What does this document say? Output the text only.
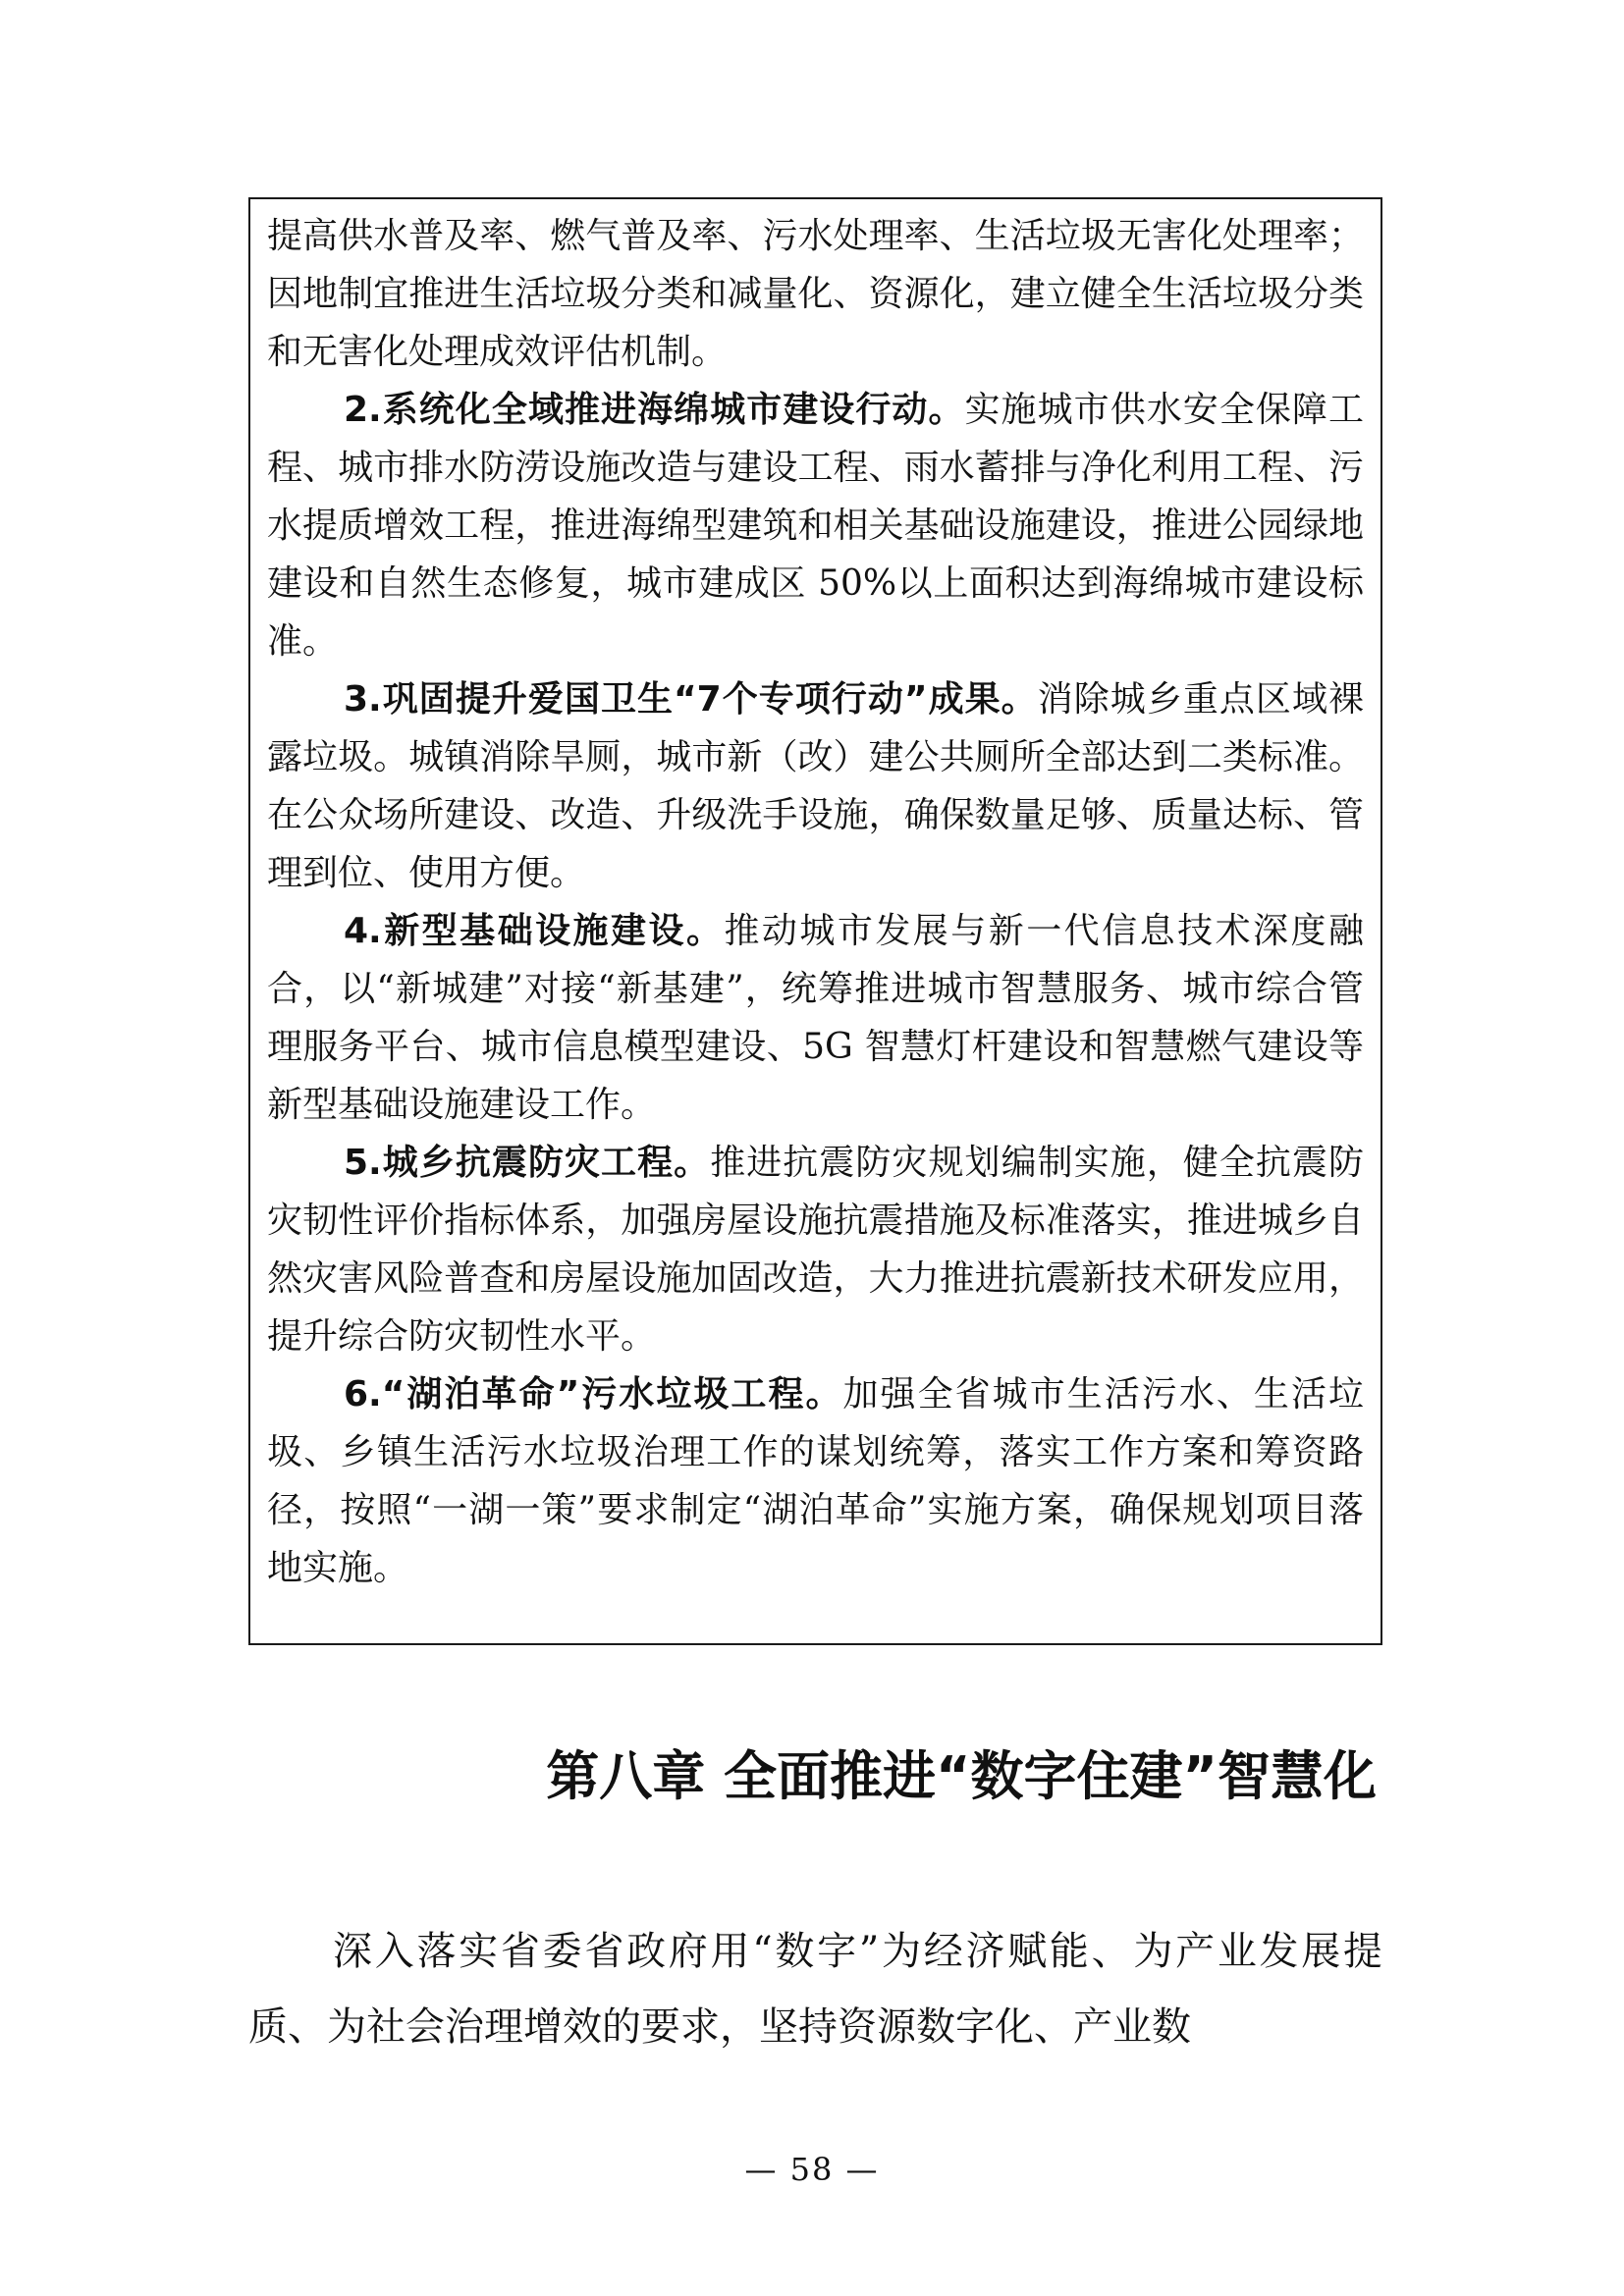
提高供水普及率、燃气普及率、污水处理率、生活垃圾无害化处理率；因地制宜推进生活垃圾分类和减量化、资源化，建立健全生活垃圾分类和无害化处理成效评估机制。

2.系统化全域推进海绵城市建设行动。实施城市供水安全保障工程、城市排水防涝设施改造与建设工程、雨水蓄排与净化利用工程、污水提质增效工程，推进海绵型建筑和相关基础设施建设，推进公园绿地建设和自然生态修复，城市建成区 50%以上面积达到海绵城市建设标准。

3.巩固提升爱国卫生“7个专项行动”成果。消除城乡重点区域裸露垃圾。城镇消除旱厕，城市新（改）建公共厕所全部达到二类标准。在公众场所建设、改造、升级洗手设施，确保数量足够、质量达标、管理到位、使用方便。

4.新型基础设施建设。推动城市发展与新一代信息技术深度融合，以“新城建”对接“新基建”，统筹推进城市智慧服务、城市综合管理服务平台、城市信息模型建设、5G 智慧灯杆建设和智慧燃气建设等新型基础设施建设工作。

5.城乡抗震防灾工程。推进抗震防灾规划编制实施，健全抗震防灾韧性评价指标体系，加强房屋设施抗震措施及标准落实，推进城乡自然灾害风险普查和房屋设施加固改造，大力推进抗震新技术研发应用，提升综合防灾韧性水平。

6.“湖泊革命”污水垃圾工程。加强全省城市生活污水、生活垃圾、乡镇生活污水垃圾治理工作的谋划统筹，落实工作方案和筹资路径，按照“一湖一策”要求制定“湖泊革命”实施方案，确保规划项目落地实施。

第八章 全面推进“数字住建”智慧化

深入落实省委省政府用“数字”为经济赋能、为产业发展提质、为社会治理增效的要求，坚持资源数字化、产业数

— 58 —
